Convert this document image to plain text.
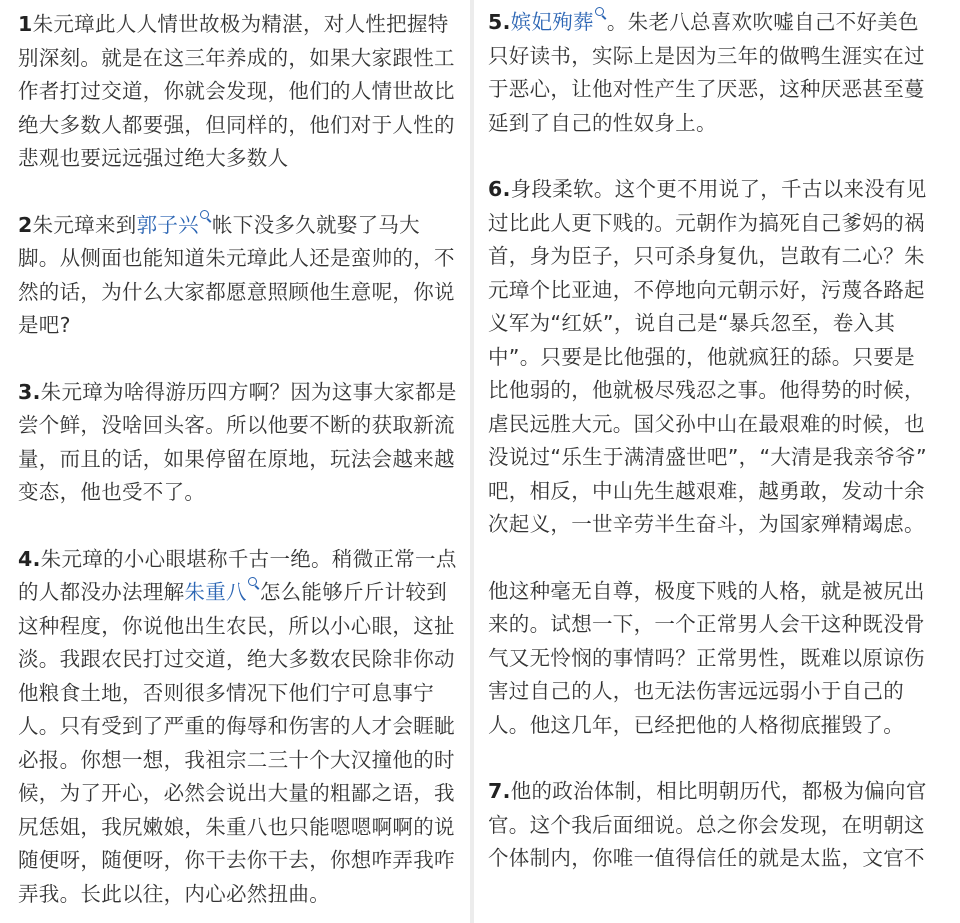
1朱元璋此人人情世故极为精湛，对人性把握特
别深刻。就是在这三年养成的，如果大家跟性工
作者打过交道，你就会发现，他们的人情世故比
绝大多数人都要强，但同样的，他们对于人性的
悲观也要远远强过绝大多数人

2朱元璋来到郭子兴 帐下没多久就娶了马大
脚。从侧面也能知道朱元璋此人还是蛮帅的，不
然的话，为什么大家都愿意照顾他生意呢，你说
是吧?

3.朱元璋为啥得游历四方啊？因为这事大家都是
尝个鲜，没啥回头客。所以他要不断的获取新流
量，而且的话，如果停留在原地，玩法会越来越
变态，他也受不了。

4.朱元璋的小心眼堪称千古一绝。稍微正常一点
的人都没办法理解朱重八 怎么能够斤斤计较到
这种程度，你说他出生农民，所以小心眼，这扯
淡。我跟农民打过交道，绝大多数农民除非你动
他粮食土地，否则很多情况下他们宁可息事宁
人。只有受到了严重的侮辱和伤害的人才会睚眦
必报。你想一想，我祖宗二三十个大汉撞他的时
候，为了开心，必然会说出大量的粗鄙之语，我
尻恁姐，我尻嫩娘，朱重八也只能嗯嗯啊啊的说
随便呀，随便呀，你干去你干去，你想咋弄我咋
弄我。长此以往，内心必然扭曲。

5.嫔妃殉葬 。朱老八总喜欢吹嘘自己不好美色
只好读书，实际上是因为三年的做鸭生涯实在过
于恶心，让他对性产生了厌恶，这种厌恶甚至蔓
延到了自己的性奴身上。

6.身段柔软。这个更不用说了，千古以来没有见
过比此人更下贱的。元朝作为搞死自己爹妈的祸
首，身为臣子，只可杀身复仇，岂敢有二心？朱
元璋个比亚迪，不停地向元朝示好，污蔑各路起
义军为“红妖”，说自己是“暴兵忽至，卷入其
中”。只要是比他强的，他就疯狂的舔。只要是
比他弱的，他就极尽残忍之事。他得势的时候，
虐民远胜大元。国父孙中山在最艰难的时候，也
没说过“乐生于满清盛世吧”，“大清是我亲爷爷”
吧，相反，中山先生越艰难，越勇敢，发动十余
次起义，一世辛劳半生奋斗，为国家殚精竭虑。

他这种毫无自尊，极度下贱的人格，就是被尻出
来的。试想一下，一个正常男人会干这种既没骨
气又无怜悯的事情吗？正常男性，既难以原谅伤
害过自己的人，也无法伤害远远弱小于自己的
人。他这几年，已经把他的人格彻底摧毁了。

7.他的政治体制，相比明朝历代，都极为偏向官
官。这个我后面细说。总之你会发现，在明朝这
个体制内，你唯一值得信任的就是太监，文官不
